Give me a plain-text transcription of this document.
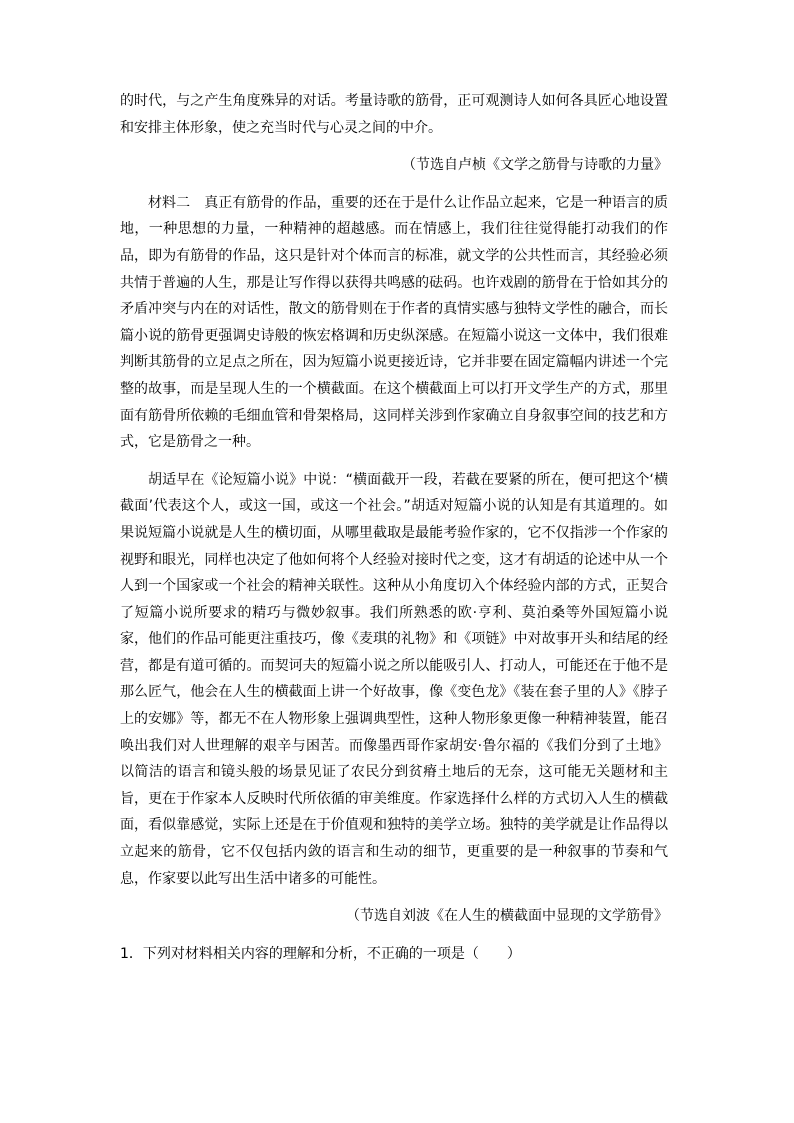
的时代，与之产生角度殊异的对话。考量诗歌的筋骨，正可观测诗人如何各具匠心地设置和安排主体形象，使之充当时代与心灵之间的中介。

（节选自卢桢《文学之筋骨与诗歌的力量》

材料二　真正有筋骨的作品，重要的还在于是什么让作品立起来，它是一种语言的质地，一种思想的力量，一种精神的超越感。而在情感上，我们往往觉得能打动我们的作品，即为有筋骨的作品，这只是针对个体而言的标准，就文学的公共性而言，其经验必须共情于普遍的人生，那是让写作得以获得共鸣感的砝码。也许戏剧的筋骨在于恰如其分的矛盾冲突与内在的对话性，散文的筋骨则在于作者的真情实感与独特文学性的融合，而长篇小说的筋骨更强调史诗般的恢宏格调和历史纵深感。在短篇小说这一文体中，我们很难判断其筋骨的立足点之所在，因为短篇小说更接近诗，它并非要在固定篇幅内讲述一个完整的故事，而是呈现人生的一个横截面。在这个横截面上可以打开文学生产的方式，那里面有筋骨所依赖的毛细血管和骨架格局，这同样关涉到作家确立自身叙事空间的技艺和方式，它是筋骨之一种。

胡适早在《论短篇小说》中说：“横面截开一段，若截在要紧的所在，便可把这个‘横截面’代表这个人，或这一国，或这一个社会。”胡适对短篇小说的认知是有其道理的。如果说短篇小说就是人生的横切面，从哪里截取是最能考验作家的，它不仅指涉一个作家的视野和眼光，同样也决定了他如何将个人经验对接时代之变，这才有胡适的论述中从一个人到一个国家或一个社会的精神关联性。这种从小角度切入个体经验内部的方式，正契合了短篇小说所要求的精巧与微妙叙事。我们所熟悉的欧·亨利、莫泊桑等外国短篇小说家，他们的作品可能更注重技巧，像《麦琪的礼物》和《项链》中对故事开头和结尾的经营，都是有道可循的。而契诃夫的短篇小说之所以能吸引人、打动人，可能还在于他不是那么匠气，他会在人生的横截面上讲一个好故事，像《变色龙》《装在套子里的人》《脖子上的安娜》等，都无不在人物形象上强调典型性，这种人物形象更像一种精神装置，能召唤出我们对人世理解的艰辛与困苦。而像墨西哥作家胡安·鲁尔福的《我们分到了土地》以简洁的语言和镜头般的场景见证了农民分到贫瘠土地后的无奈，这可能无关题材和主旨，更在于作家本人反映时代所依循的审美维度。作家选择什么样的方式切入人生的横截面，看似靠感觉，实际上还是在于价值观和独特的美学立场。独特的美学就是让作品得以立起来的筋骨，它不仅包括内敛的语言和生动的细节，更重要的是一种叙事的节奏和气息，作家要以此写出生活中诸多的可能性。

（节选自刘波《在人生的横截面中显现的文学筋骨》

1．下列对材料相关内容的理解和分析，不正确的一项是（　　）
